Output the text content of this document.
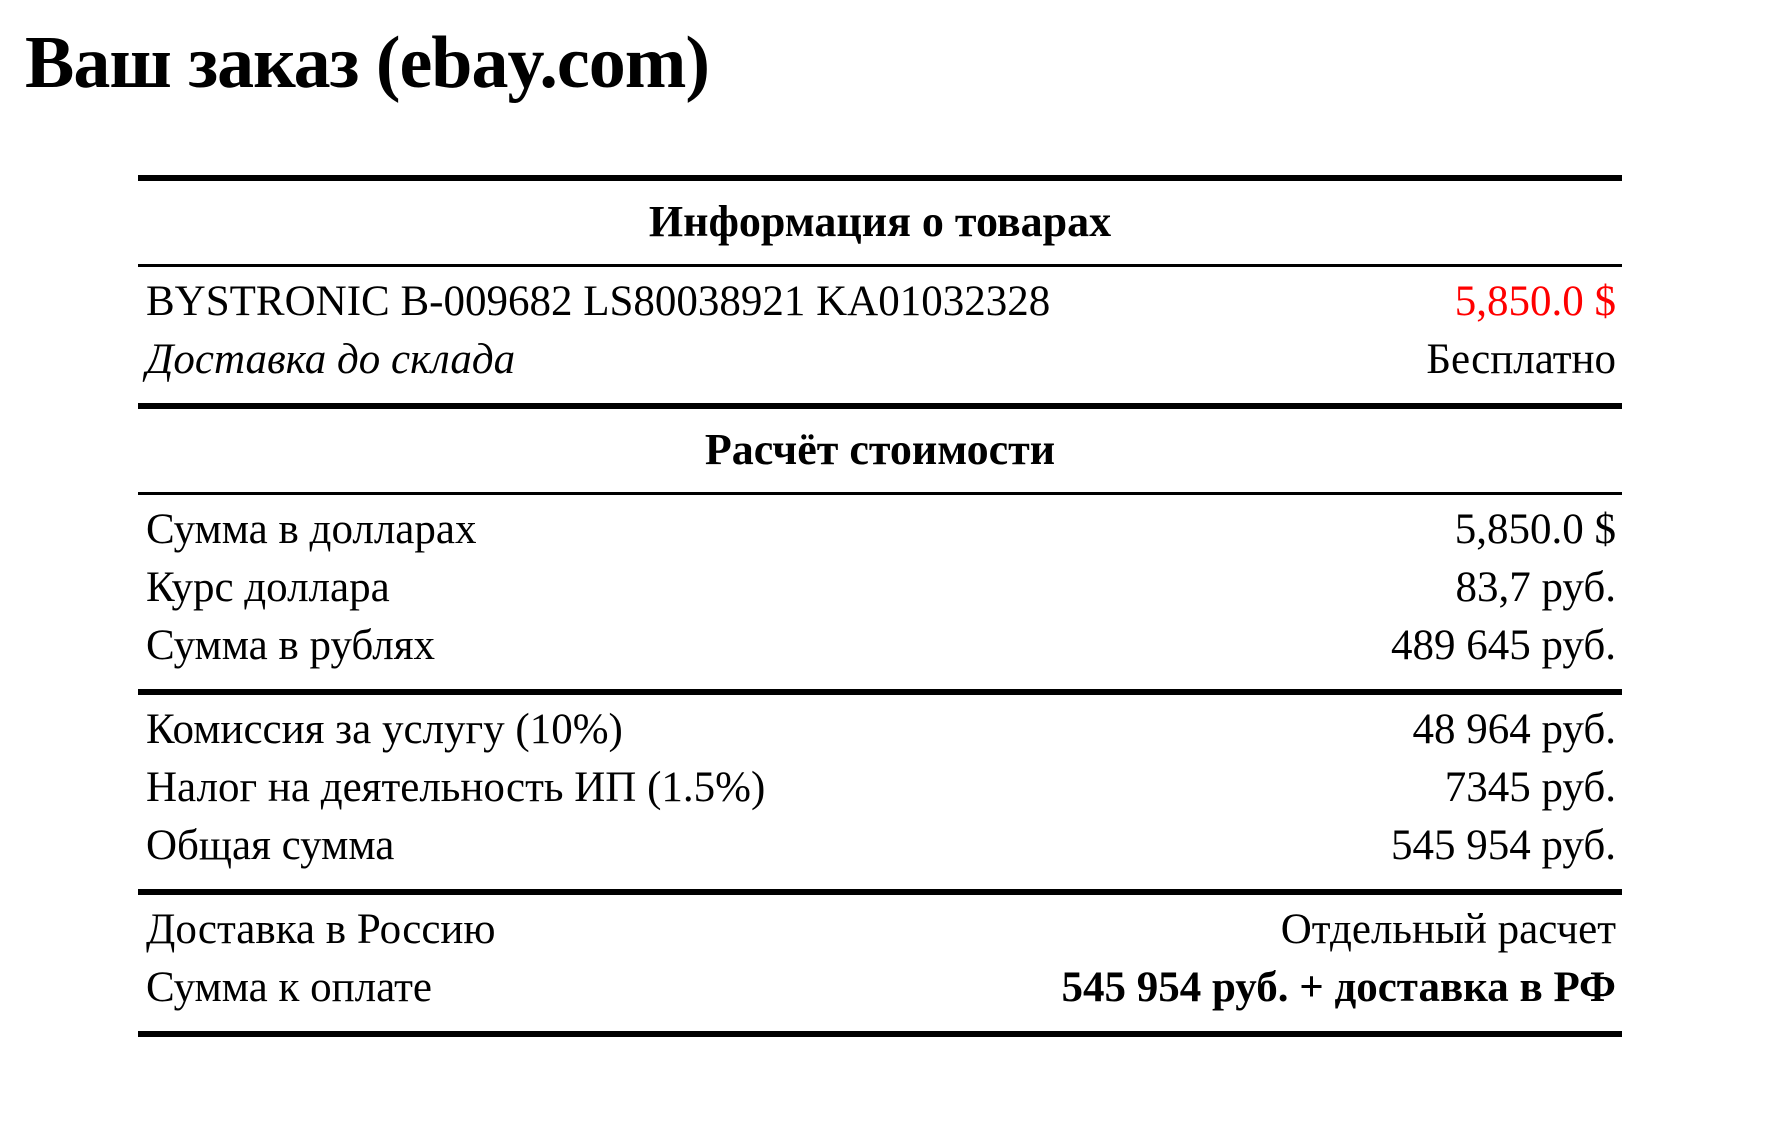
Ваш заказ (ebay.com)
Информация о товарах
BYSTRONIC B-009682 LS80038921 KA01032328	5,850.0 $
Доставка до склада	Бесплатно
Расчёт стоимости
Сумма в долларах	5,850.0 $
Курс доллара	83,7 руб.
Сумма в рублях	489 645 руб.
Комиссия за услугу (10%)	48 964 руб.
Налог на деятельность ИП (1.5%)	7345 руб.
Общая сумма	545 954 руб.
Доставка в Россию	Отдельный расчет
Сумма к оплате	545 954 руб. + доставка в РФ
